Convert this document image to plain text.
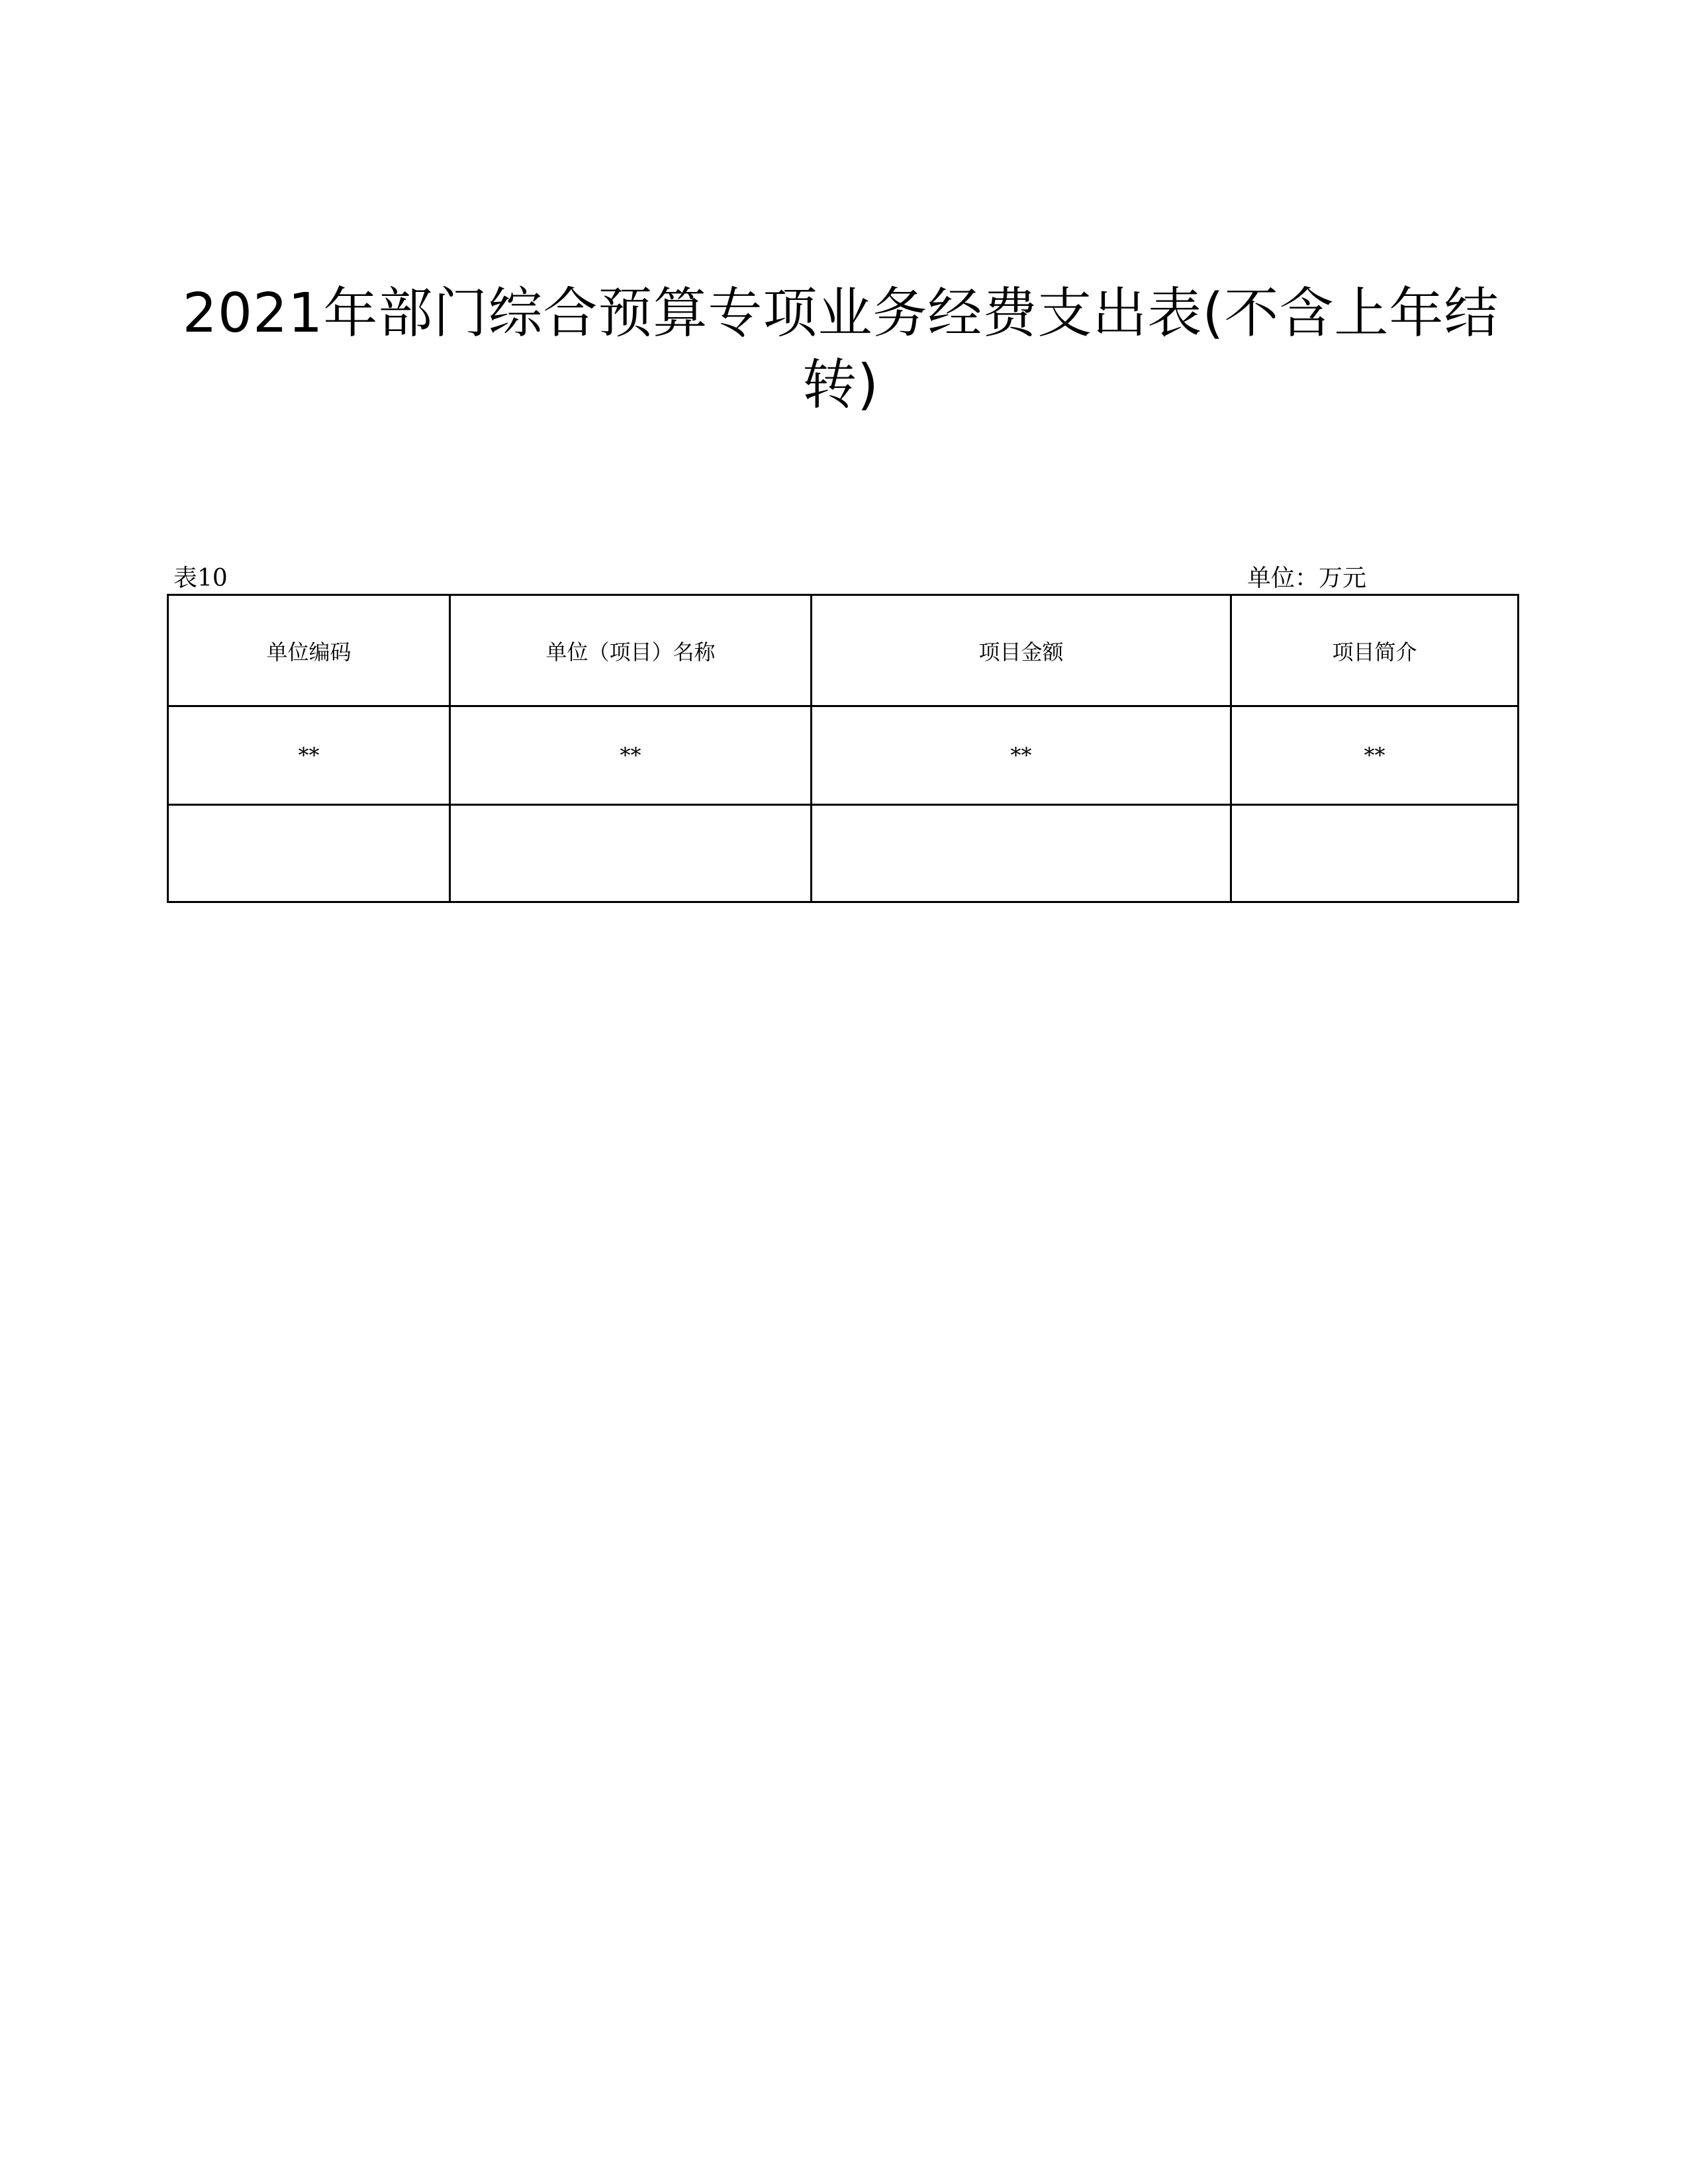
2021年部门综合预算专项业务经费支出表(不含上年结转)
表10	单位：万元
单位编码	单位（项目）名称	项目金额	项目简介
**	**	**	**
